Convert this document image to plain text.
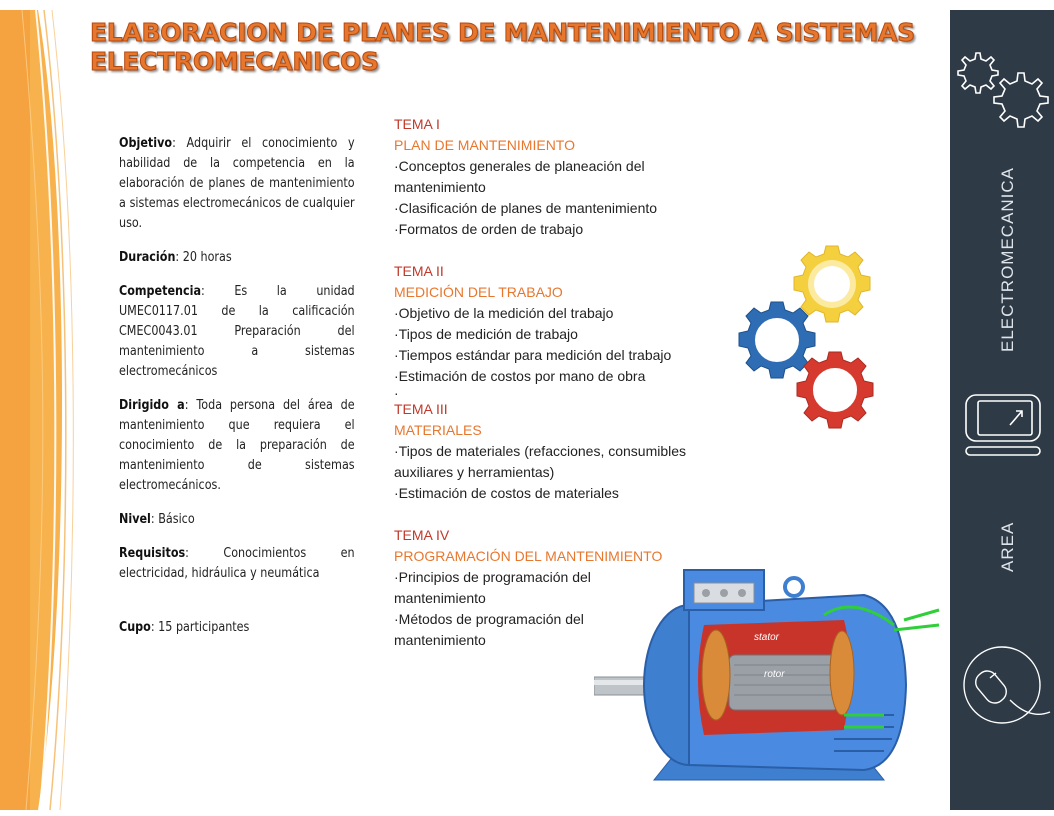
ELABORACION DE PLANES DE MANTENIMIENTO A SISTEMAS ELECTROMECANICOS

Objetivo: Adquirir el conocimiento y habilidad de la competencia en la elaboración de planes de mantenimiento a sistemas electromecánicos de cualquier uso.

Duración: 20 horas

Competencia: Es la unidad UMEC0117.01 de la calificación CMEC0043.01 Preparación del mantenimiento a sistemas electromecánicos

Dirigido a: Toda persona del área de mantenimiento que requiera el conocimiento de la preparación de mantenimiento de sistemas electromecánicos.

Nivel: Básico

Requisitos: Conocimientos en electricidad, hidráulica y neumática

Cupo: 15 participantes

TEMA I
PLAN DE MANTENIMIENTO
·Conceptos generales de planeación del mantenimiento
·Clasificación de planes de mantenimiento
·Formatos de orden de trabajo
TEMA II
MEDICIÓN DEL TRABAJO
·Objetivo de la medición del trabajo
·Tipos de medición de trabajo
·Tiempos estándar para medición del trabajo
·Estimación de costos por mano de obra
·
TEMA III
MATERIALES
·Tipos de materiales (refacciones, consumibles auxiliares y herramientas)
·Estimación de costos de materiales
TEMA IV
PROGRAMACIÓN DEL MANTENIMIENTO
·Principios de programación del mantenimiento
·Métodos de programación del mantenimiento	stator
rotor
ELECTROMECANICA
AREA
